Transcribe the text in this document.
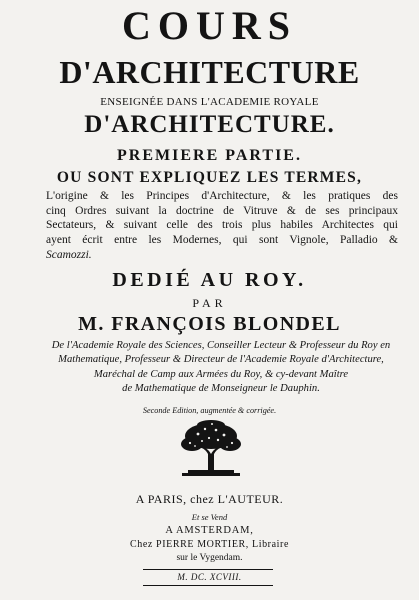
COURS
D'ARCHITECTURE
ENSEIGNÉE DANS L'ACADEMIE ROYALE
D'ARCHITECTURE.
PREMIERE PARTIE.
OU SONT EXPLIQUEZ LES TERMES,
L'origine & les Principes d'Architecture, & les pratiques des
cinq Ordres suivant la doctrine de Vitruve & de ses principaux
Sectateurs, & suivant celle des trois plus habiles Architectes qui
ayent écrit entre les Modernes, qui sont Vignole, Palladio &
Scamozzi.
DEDIÉ AU ROY.
PAR
M. FRANÇOIS BLONDEL
De l'Academie Royale des Sciences, Conseiller Lecteur & Professeur du Roy en
Mathematique, Professeur & Directeur de l'Academie Royale d'Architecture,
Maréchal de Camp aux Armées du Roy, & cy-devant Maître
de Mathematique de Monseigneur le Dauphin.
Seconde Edition, augmentée & corrigée.
A PARIS, chez L'AUTEUR.
Et se Vend
A AMSTERDAM,
Chez PIERRE MORTIER, Libraire
sur le Vygendam.
M. DC. XCVIII.
